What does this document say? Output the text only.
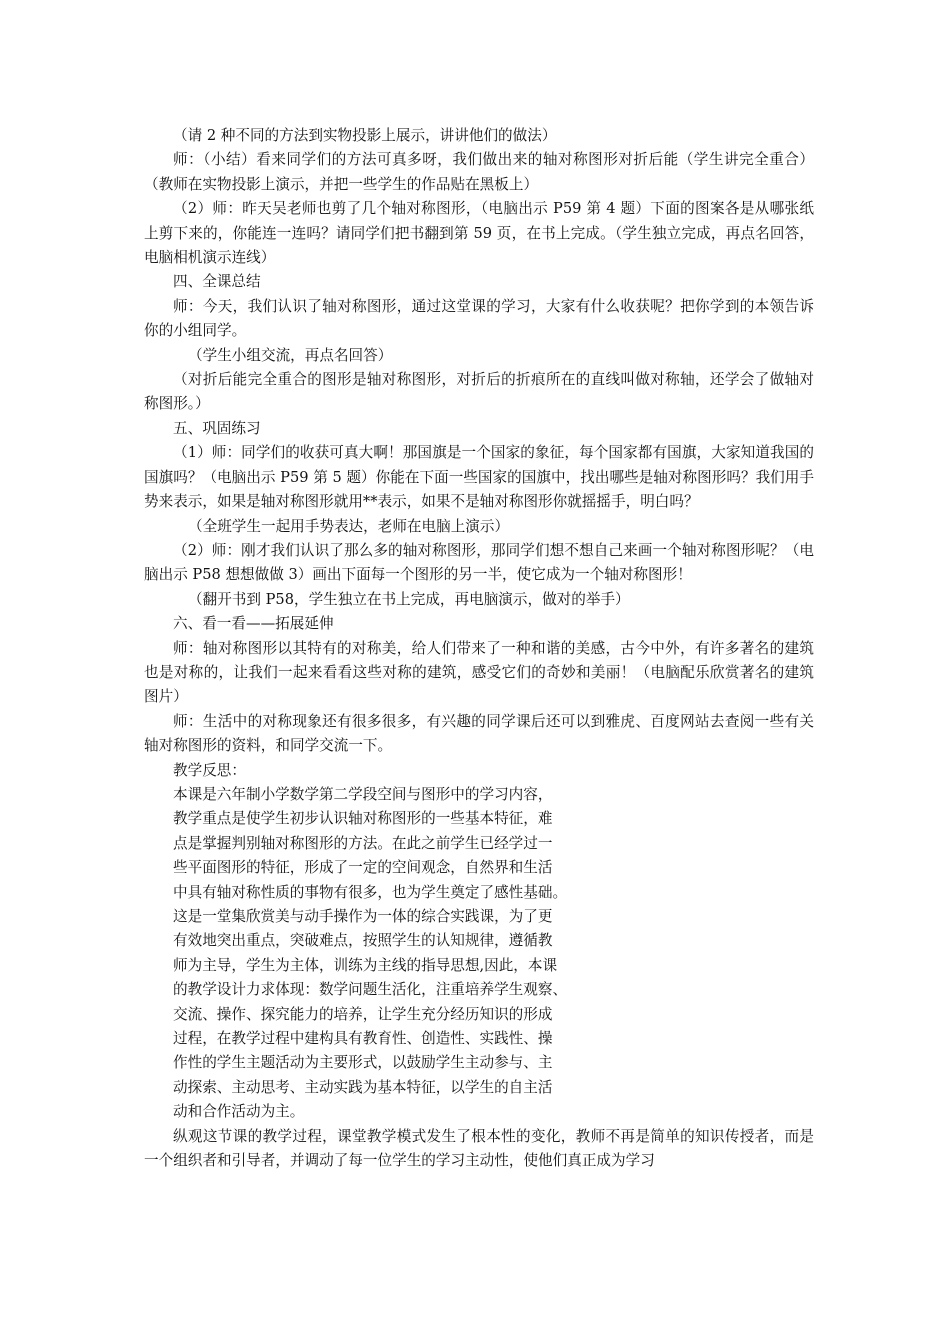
（请 2 种不同的方法到实物投影上展示，讲讲他们的做法）

师：（小结）看来同学们的方法可真多呀，我们做出来的轴对称图形对折后能（学生讲完全重合）（教师在实物投影上演示，并把一些学生的作品贴在黑板上）

（2）师：昨天吴老师也剪了几个轴对称图形，（电脑出示 P59 第 4 题）下面的图案各是从哪张纸上剪下来的，你能连一连吗？请同学们把书翻到第 59 页，在书上完成。（学生独立完成，再点名回答，电脑相机演示连线）

四、全课总结

师：今天，我们认识了轴对称图形，通过这堂课的学习，大家有什么收获呢？把你学到的本领告诉你的小组同学。

（学生小组交流，再点名回答）

（对折后能完全重合的图形是轴对称图形，对折后的折痕所在的直线叫做对称轴，还学会了做轴对称图形。）

五、巩固练习

（1）师：同学们的收获可真大啊！那国旗是一个国家的象征，每个国家都有国旗，大家知道我国的国旗吗？（电脑出示 P59 第 5 题）你能在下面一些国家的国旗中，找出哪些是轴对称图形吗？我们用手势来表示，如果是轴对称图形就用**表示，如果不是轴对称图形你就摇摇手，明白吗？

（全班学生一起用手势表达，老师在电脑上演示）

（2）师：刚才我们认识了那么多的轴对称图形，那同学们想不想自己来画一个轴对称图形呢？（电脑出示 P58 想想做做 3）画出下面每一个图形的另一半，使它成为一个轴对称图形！

（翻开书到 P58，学生独立在书上完成，再电脑演示，做对的举手）

六、看一看——拓展延伸

师：轴对称图形以其特有的对称美，给人们带来了一种和谐的美感，古今中外，有许多著名的建筑也是对称的，让我们一起来看看这些对称的建筑，感受它们的奇妙和美丽！（电脑配乐欣赏著名的建筑图片）

师：生活中的对称现象还有很多很多，有兴趣的同学课后还可以到雅虎、百度网站去查阅一些有关轴对称图形的资料，和同学交流一下。

教学反思：

本课是六年制小学数学第二学段空间与图形中的学习内容，
教学重点是使学生初步认识轴对称图形的一些基本特征，难
点是掌握判别轴对称图形的方法。在此之前学生已经学过一
些平面图形的特征，形成了一定的空间观念，自然界和生活
中具有轴对称性质的事物有很多，也为学生奠定了感性基础。
这是一堂集欣赏美与动手操作为一体的综合实践课，为了更
有效地突出重点，突破难点，按照学生的认知规律，遵循教
师为主导，学生为主体，训练为主线的指导思想,因此，本课
的教学设计力求体现：数学问题生活化，注重培养学生观察、
交流、操作、探究能力的培养，让学生充分经历知识的形成
过程，在教学过程中建构具有教育性、创造性、实践性、操
作性的学生主题活动为主要形式，以鼓励学生主动参与、主
动探索、主动思考、主动实践为基本特征，以学生的自主活
动和合作活动为主。

纵观这节课的教学过程，课堂教学模式发生了根本性的变化，教师不再是简单的知识传授者，而是一个组织者和引导者，并调动了每一位学生的学习主动性，使他们真正成为学习
